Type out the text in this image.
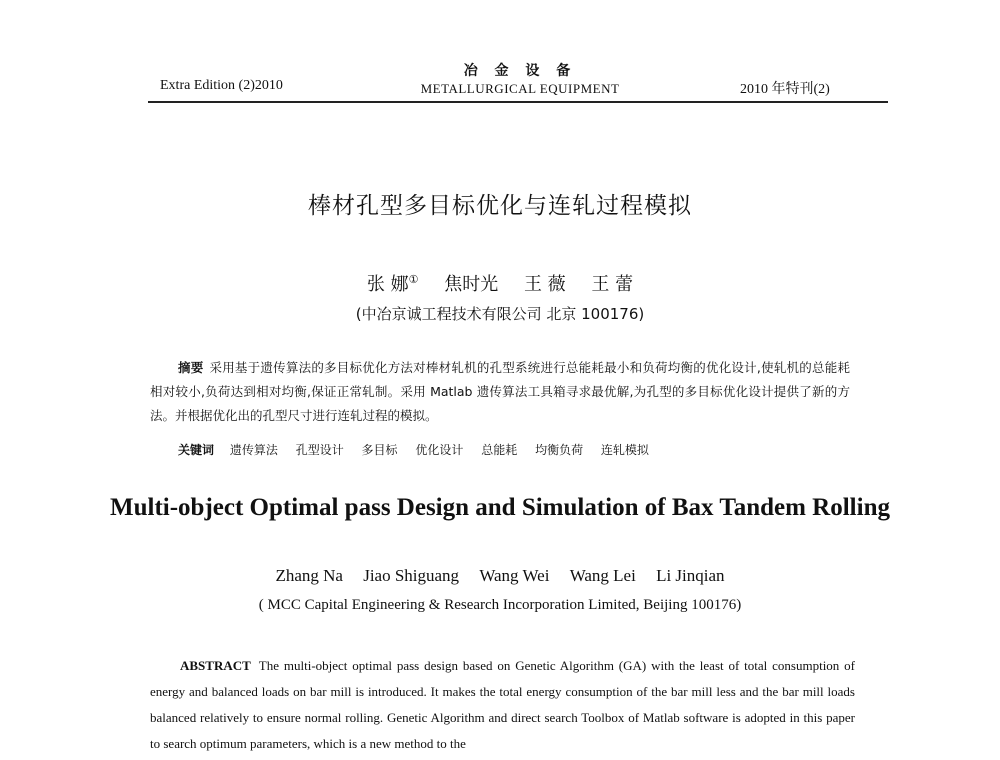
Extra Edition (2)2010
冶 金 设 备
METALLURGICAL EQUIPMENT	2010 年特刊(2)
棒材孔型多目标优化与连轧过程模拟
张 娜① 焦时光 王 薇 王 蕾
(中冶京诚工程技术有限公司 北京 100176)
摘要 采用基于遗传算法的多目标优化方法对棒材轧机的孔型系统进行总能耗最小和负荷均衡的优化设计,使轧机的总能耗相对较小,负荷达到相对均衡,保证正常轧制。采用 Matlab 遗传算法工具箱寻求最优解,为孔型的多目标优化设计提供了新的方法。并根据优化出的孔型尺寸进行连轧过程的模拟。
关键词 遗传算法 孔型设计 多目标 优化设计 总能耗 均衡负荷 连轧模拟
Multi-object Optimal pass Design and Simulation of Bax Tandem Rolling
Zhang Na Jiao Shiguang Wang Wei Wang Lei Li Jinqian
( MCC Capital Engineering & Research Incorporation Limited, Beijing 100176)
ABSTRACT The multi-object optimal pass design based on Genetic Algorithm (GA) with the least of total consumption of energy and balanced loads on bar mill is introduced. It makes the total energy consumption of the bar mill less and the bar mill loads balanced relatively to ensure normal rolling. Genetic Algorithm and direct search Toolbox of Matlab software is adopted in this paper to search optimum parameters, which is a new method to the
